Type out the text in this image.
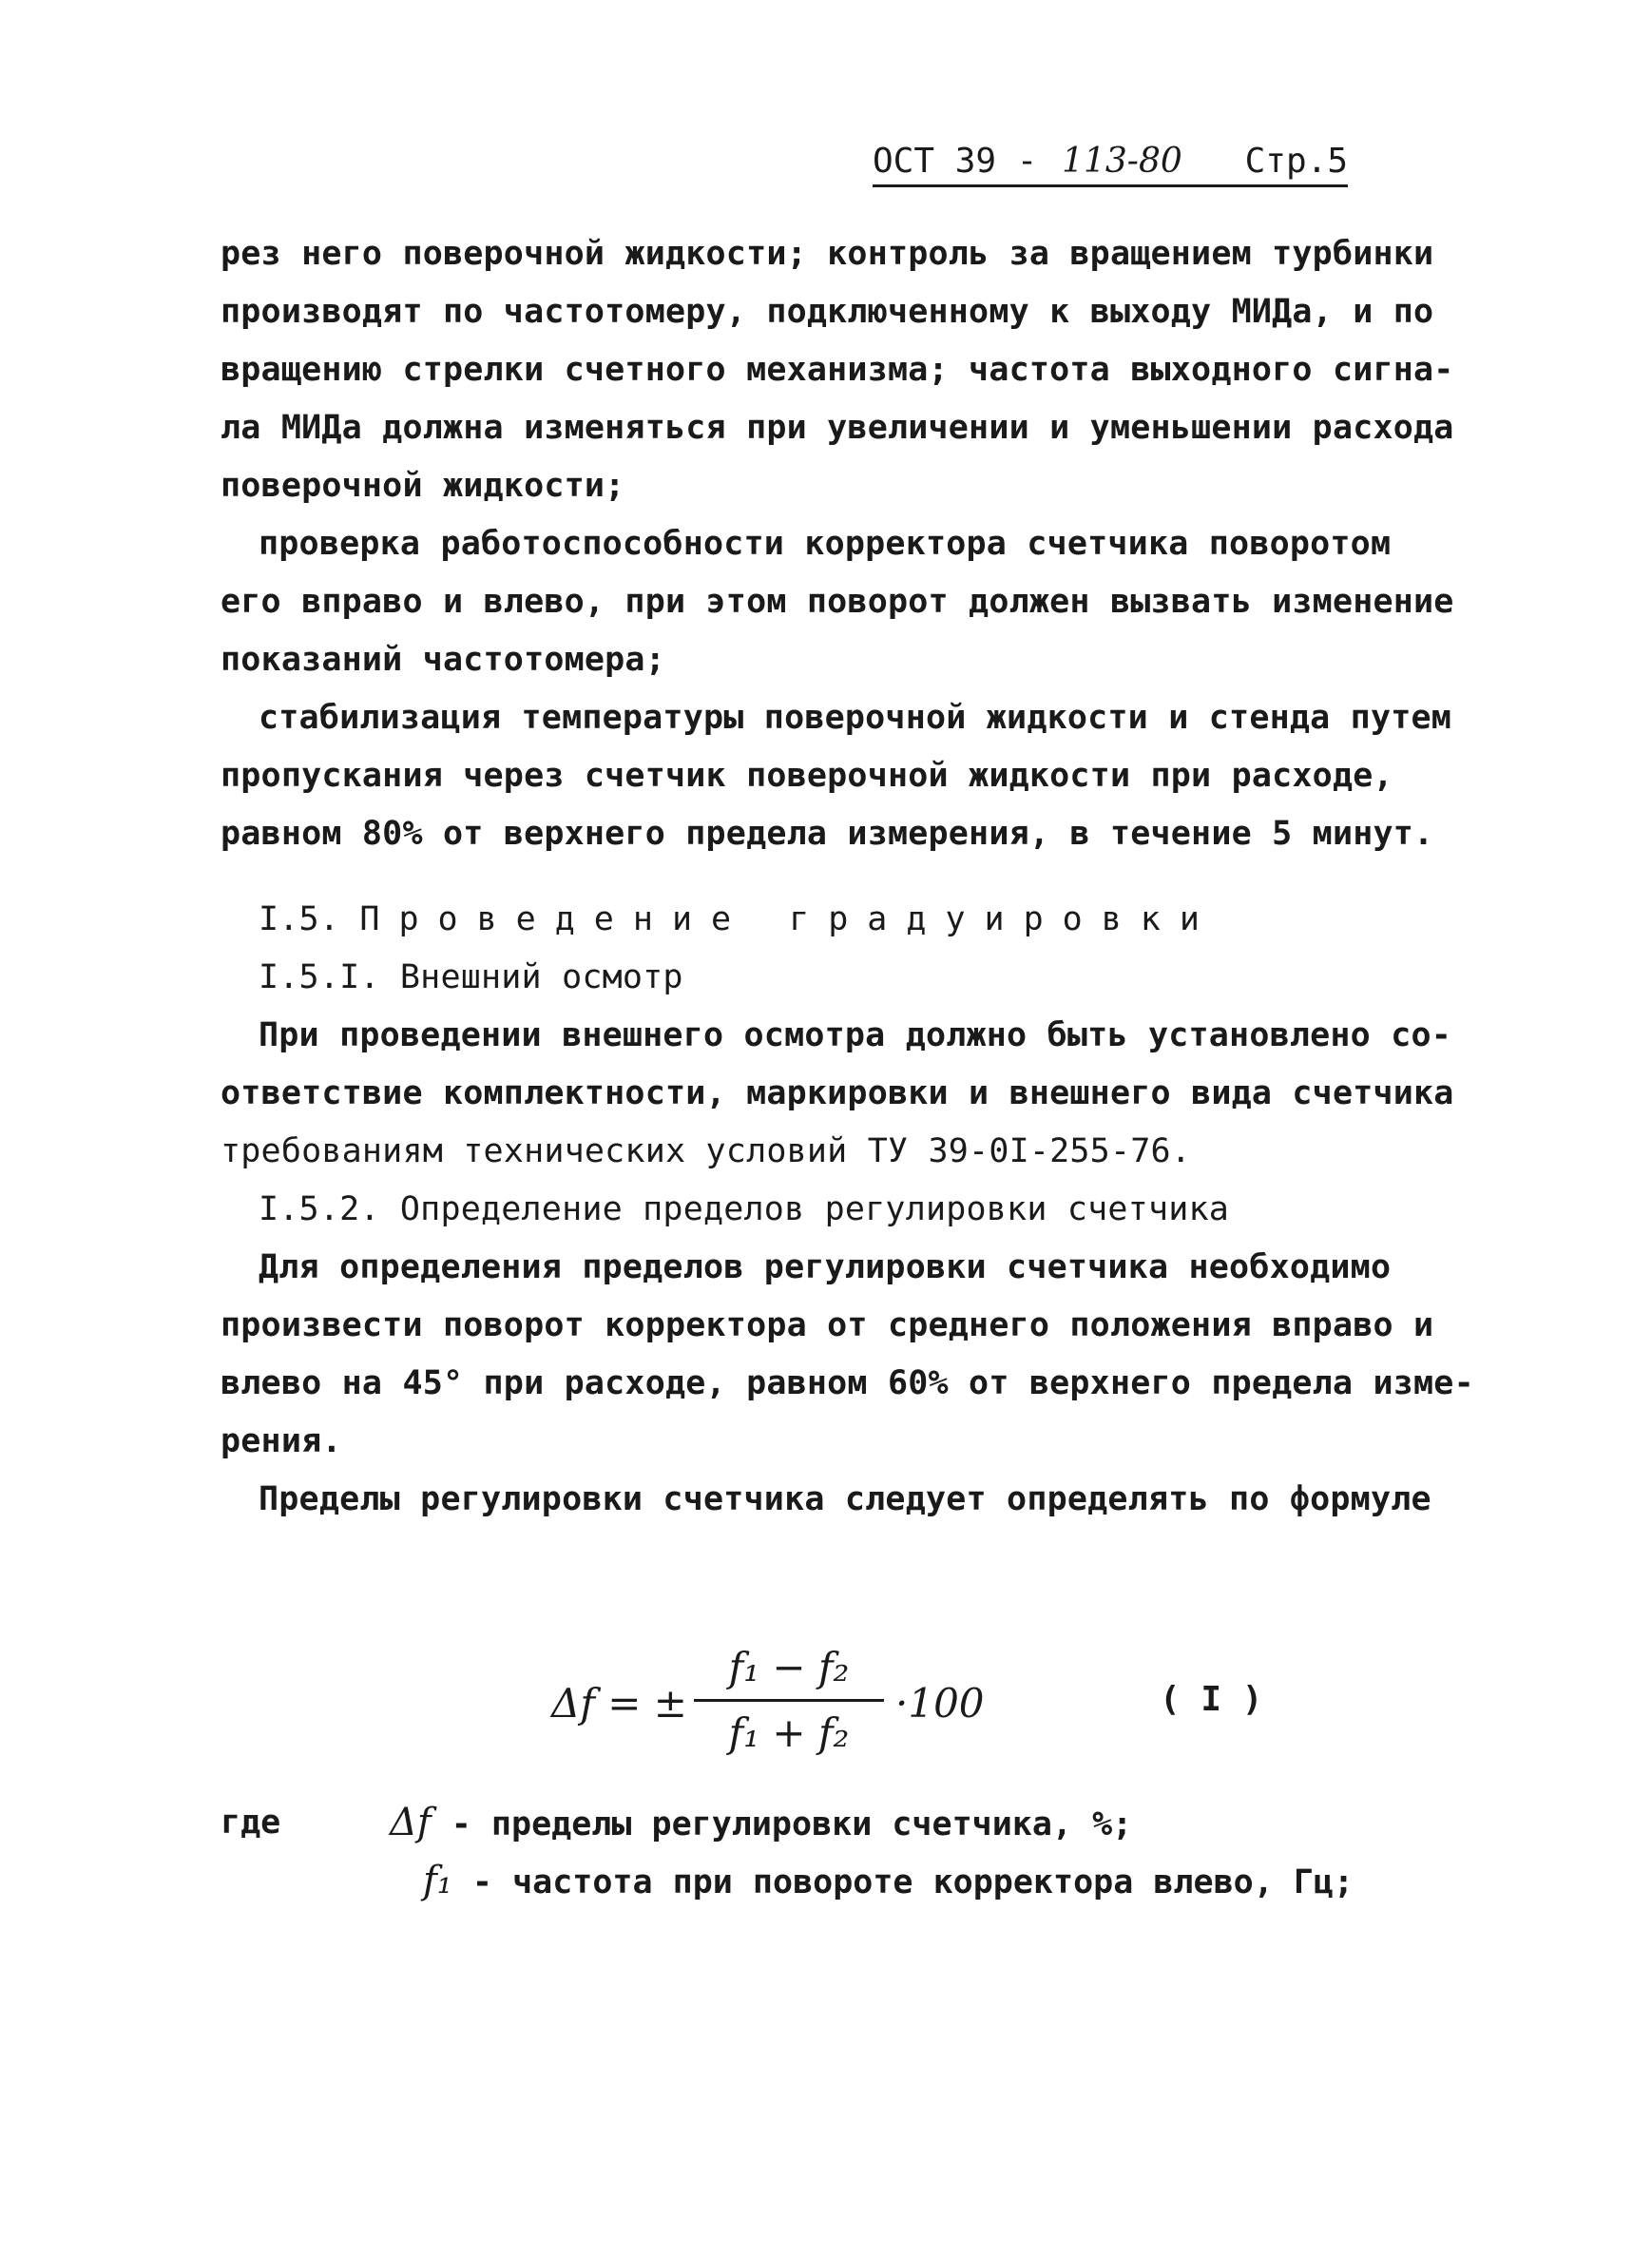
ОСТ 39 - 113-80 Стр.5
рез него поверочной жидкости; контроль за вращением турбинки
производят по частотомеру, подключенному к выходу МИДа, и по
вращению стрелки счетного механизма; частота выходного сигна-
ла МИДа должна изменяться при увеличении и уменьшении расхода
поверочной жидкости;
проверка работоспособности корректора счетчика поворотом
его вправо и влево, при этом поворот должен вызвать изменение
показаний частотомера;
стабилизация температуры поверочной жидкости и стенда путем
пропускания через счетчик поверочной жидкости при расходе,
равном 80% от верхнего предела измерения, в течение 5 минут.
I.5. Проведение градуировки
I.5.I. Внешний осмотр
При проведении внешнего осмотра должно быть установлено со-
ответствие комплектности, маркировки и внешнего вида счетчика
требованиям технических условий ТУ 39-0I-255-76.
I.5.2. Определение пределов регулировки счетчика
Для определения пределов регулировки счетчика необходимо
произвести поворот корректора от среднего положения вправо и
влево на 45° при расходе, равном 60% от верхнего предела изме-
рения.
Пределы регулировки счетчика следует определять по формуле
Δf = ±
f₁ − f₂
f₁ + f₂
·100	( I )
где	Δf - пределы регулировки счетчика, %;
f₁ - частота при повороте корректора влево, Гц;
